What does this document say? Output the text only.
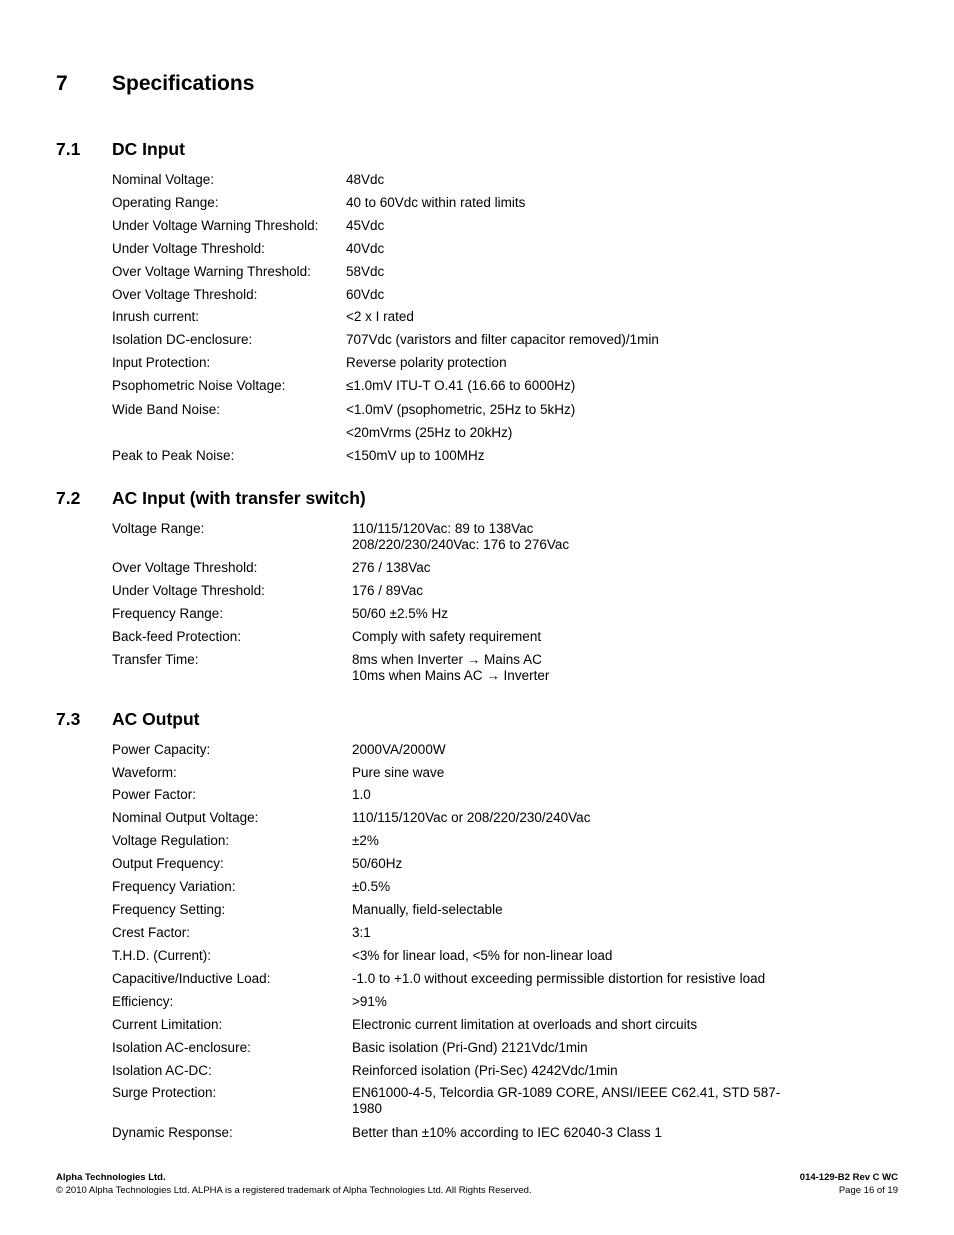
7 Specifications
7.1 DC Input
Nominal Voltage:	48Vdc
Operating Range:	40 to 60Vdc within rated limits
Under Voltage Warning Threshold: 45Vdc
Under Voltage Threshold:	40Vdc
Over Voltage Warning Threshold:	58Vdc
Over Voltage Threshold:	60Vdc
Inrush current:	<2 x I rated
Isolation DC-enclosure:	707Vdc (varistors and filter capacitor removed)/1min
Input Protection:	Reverse polarity protection
Psophometric Noise Voltage:	≤1.0mV ITU-T O.41 (16.66 to 6000Hz)
Wide Band Noise:	<1.0mV (psophometric, 25Hz to 5kHz)
<20mVrms (25Hz to 20kHz)
Peak to Peak Noise:	<150mV up to 100MHz
7.2 AC Input (with transfer switch)
Voltage Range:	110/115/120Vac: 89 to 138Vac
208/220/230/240Vac: 176 to 276Vac
Over Voltage Threshold:	276 / 138Vac
Under Voltage Threshold:	176 / 89Vac
Frequency Range:	50/60 ±2.5% Hz
Back-feed Protection:	Comply with safety requirement
Transfer Time:	8ms when Inverter → Mains AC
10ms when Mains AC → Inverter
7.3 AC Output
Power Capacity:	2000VA/2000W
Waveform:	Pure sine wave
Power Factor:	1.0
Nominal Output Voltage:	110/115/120Vac or 208/220/230/240Vac
Voltage Regulation:	±2%
Output Frequency:	50/60Hz
Frequency Variation:	±0.5%
Frequency Setting:	Manually, field-selectable
Crest Factor:	3:1
T.H.D. (Current):	<3% for linear load, <5% for non-linear load
Capacitive/Inductive Load:	-1.0 to +1.0 without exceeding permissible distortion for resistive load
Efficiency:	>91%
Current Limitation:	Electronic current limitation at overloads and short circuits
Isolation AC-enclosure:	Basic isolation (Pri-Gnd) 2121Vdc/1min
Isolation AC-DC:	Reinforced isolation (Pri-Sec) 4242Vdc/1min
Surge Protection:	EN61000-4-5, Telcordia GR-1089 CORE, ANSI/IEEE C62.41, STD 587-
1980
Dynamic Response:	Better than ±10% according to IEC 62040-3 Class 1
Alpha Technologies Ltd.
© 2010 Alpha Technologies Ltd. ALPHA is a registered trademark of Alpha Technologies Ltd. All Rights Reserved.
014-129-B2 Rev C WC
Page 16 of 19
